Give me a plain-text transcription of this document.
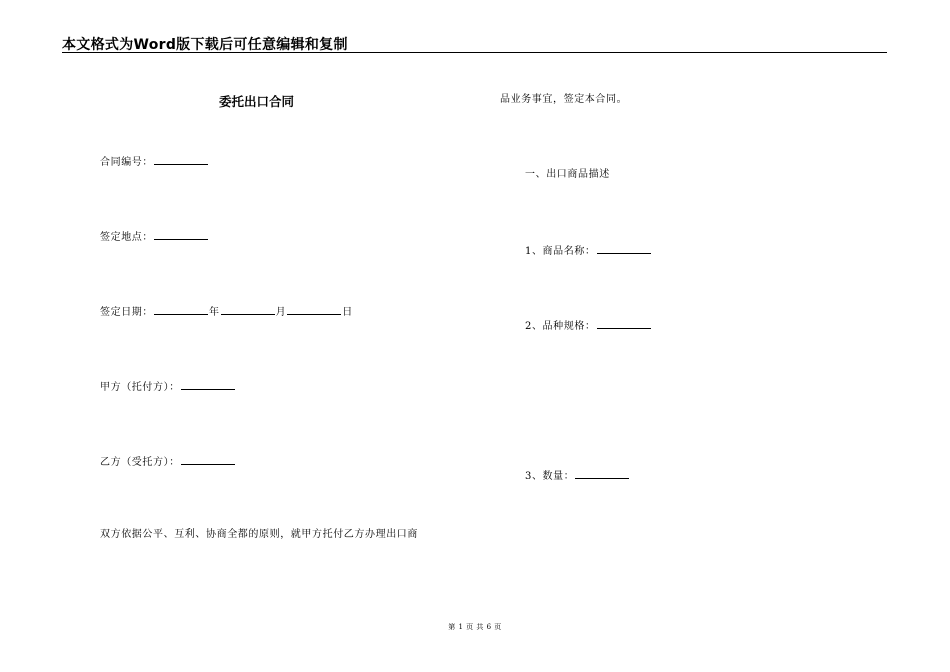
本文格式为Word版下载后可任意编辑和复制
委托出口合同
合同编号：
签定地点：
签定日期：	年	月	日
甲方（托付方）：
乙方（受托方）：
双方依据公平、互利、协商全都的原则，就甲方托付乙方办理出口商
品业务事宜，签定本合同。
一、出口商品描述
1、商品名称：
2、品种规格：
3、数量：
第 1 页 共 6 页
